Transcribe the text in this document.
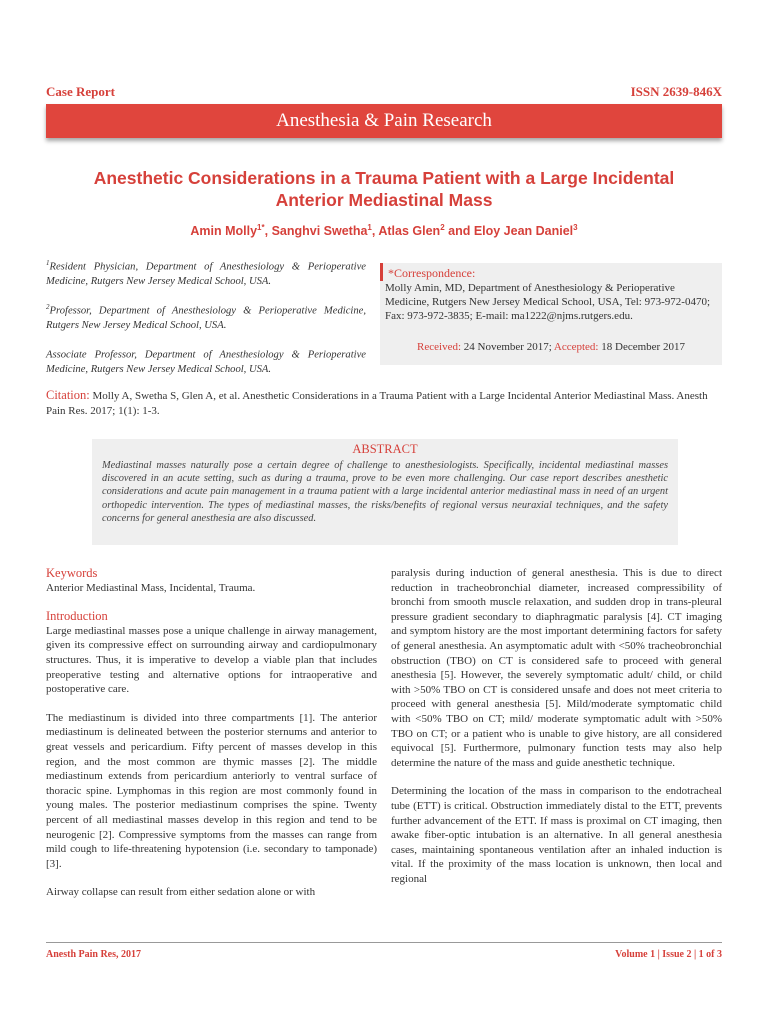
Case Report	ISSN 2639-846X
Anesthesia & Pain Research
Anesthetic Considerations in a Trauma Patient with a Large Incidental
Anterior Mediastinal Mass
Amin Molly$^{1*}$, Sanghvi Swetha$^1$, Atlas Glen$^2$ and Eloy Jean Daniel$^3$
$^1$Resident Physician, Department of Anesthesiology & Perioperative Medicine, Rutgers New Jersey Medical School, USA.
$^2$Professor, Department of Anesthesiology & Perioperative Medicine, Rutgers New Jersey Medical School, USA.
Associate Professor, Department of Anesthesiology & Perioperative Medicine, Rutgers New Jersey Medical School, USA.
*Correspondence:
Molly Amin, MD, Department of Anesthesiology & Perioperative Medicine, Rutgers New Jersey Medical School, USA, Tel: 973-972-0470; Fax: 973-972-3835; E-mail: ma1222@njms.rutgers.edu.
Received: 24 November 2017; Accepted: 18 December 2017
Citation: Molly A, Swetha S, Glen A, et al. Anesthetic Considerations in a Trauma Patient with a Large Incidental Anterior Mediastinal Mass. Anesth Pain Res. 2017; 1(1): 1-3.
ABSTRACT
Mediastinal masses naturally pose a certain degree of challenge to anesthesiologists. Specifically, incidental mediastinal masses discovered in an acute setting, such as during a trauma, prove to be even more challenging. Our case report describes anesthetic considerations and acute pain management in a trauma patient with a large incidental anterior mediastinal mass in need of an urgent orthopedic intervention. The types of mediastinal masses, the risks/benefits of regional versus neuraxial techniques, and the safety concerns for general anesthesia are also discussed.
Keywords

Anterior Mediastinal Mass, Incidental, Trauma.

Introduction

Large mediastinal masses pose a unique challenge in airway management, given its compressive effect on surrounding airway and cardiopulmonary structures. Thus, it is imperative to develop a viable plan that includes preoperative testing and alternative options for intraoperative and postoperative care.

The mediastinum is divided into three compartments [1]. The anterior mediastinum is delineated between the posterior sternums and anterior to great vessels and pericardium. Fifty percent of masses develop in this region, and the most common are thymic masses [2]. The middle mediastinum extends from pericardium anteriorly to ventral surface of thoracic spine. Lymphomas in this region are most commonly found in young males. The posterior mediastinum comprises the spine. Twenty percent of all mediastinal masses develop in this region and tend to be neurogenic [2]. Compressive symptoms from the masses can range from mild cough to life-threatening hypotension (i.e. secondary to tamponade) [3].

Airway collapse can result from either sedation alone or with

paralysis during induction of general anesthesia. This is due to direct reduction in tracheobronchial diameter, increased compressibility of bronchi from smooth muscle relaxation, and sudden drop in trans-pleural pressure gradient secondary to diaphragmatic paralysis [4]. CT imaging and symptom history are the most important determining factors for safety of general anesthesia. An asymptomatic adult with <50% tracheobronchial obstruction (TBO) on CT is considered safe to proceed with general anesthesia [5]. However, the severely symptomatic adult/ child, or child with >50% TBO on CT is considered unsafe and does not meet criteria to proceed with general anesthesia [5]. Mild/moderate symptomatic child with <50% TBO on CT; mild/ moderate symptomatic adult with >50% TBO on CT; or a patient who is unable to give history, are all considered equivocal [5]. Furthermore, pulmonary function tests may also help determine the nature of the mass and guide anesthetic technique.

Determining the location of the mass in comparison to the endotracheal tube (ETT) is critical. Obstruction immediately distal to the ETT, prevents further advancement of the ETT. If mass is proximal on CT imaging, then awake fiber-optic intubation is an alternative. In all general anesthesia cases, maintaining spontaneous ventilation after an inhaled induction is vital. If the proximity of the mass location is unknown, then local and regional

Anesth Pain Res, 2017	Volume 1 | Issue 2 | 1 of 3
